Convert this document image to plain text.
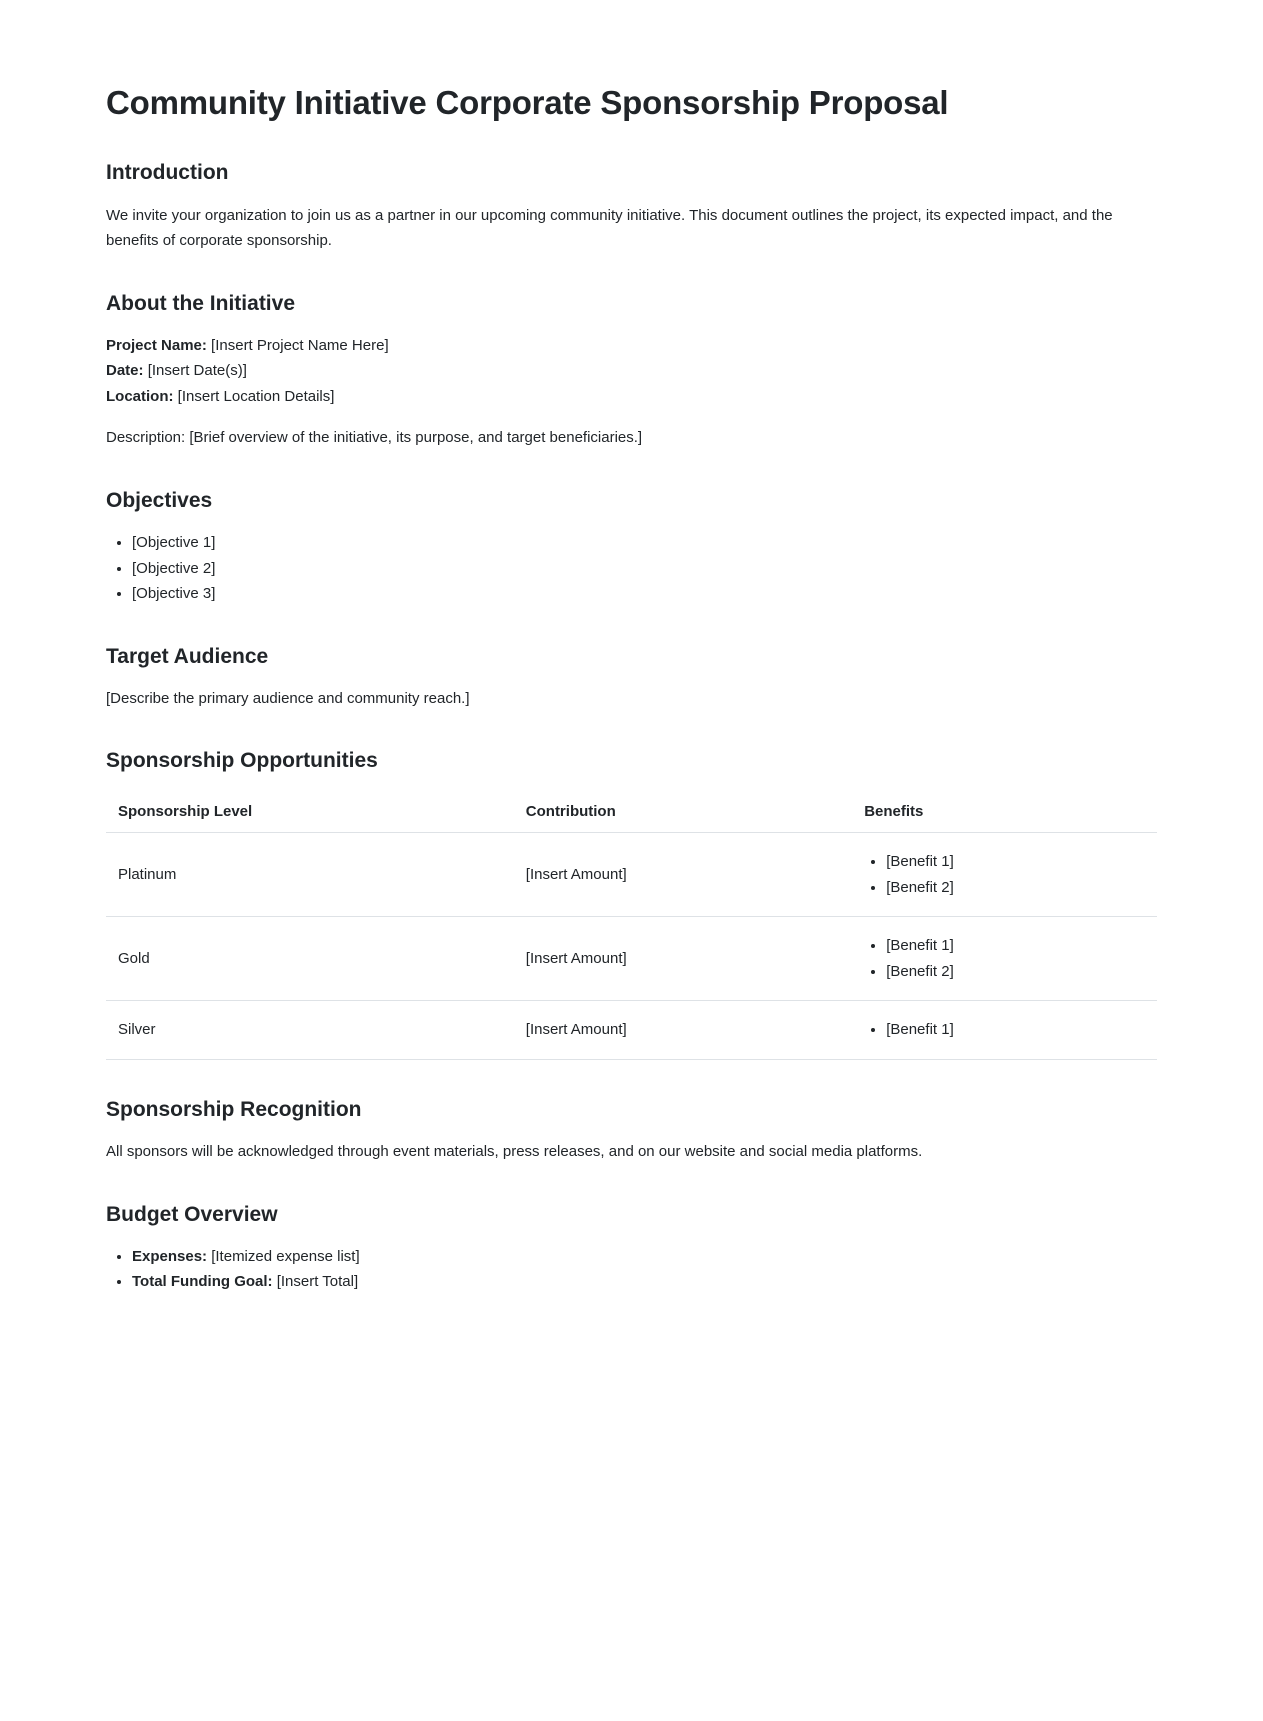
Community Initiative Corporate Sponsorship Proposal
Introduction

We invite your organization to join us as a partner in our upcoming community initiative. This document outlines the project, its expected impact, and the benefits of corporate sponsorship.

About the Initiative

Project Name: [Insert Project Name Here]
Date: [Insert Date(s)]
Location: [Insert Location Details]

Description: [Brief overview of the initiative, its purpose, and target beneficiaries.]

Objectives
• [Objective 1]
• [Objective 2]
• [Objective 3]
Target Audience

[Describe the primary audience and community reach.]

Sponsorship Opportunities
Sponsorship Level	Contribution	Benefits
Platinum	[Insert Amount]	
• [Benefit 1]
• [Benefit 2]

Gold	[Insert Amount]	
• [Benefit 1]
• [Benefit 2]

Silver	[Insert Amount]	
•[Benefit 1]
Sponsorship Recognition

All sponsors will be acknowledged through event materials, press releases, and on our website and social media platforms.

Budget Overview
• Expenses: [Itemized expense list]
• Total Funding Goal: [Insert Total]
